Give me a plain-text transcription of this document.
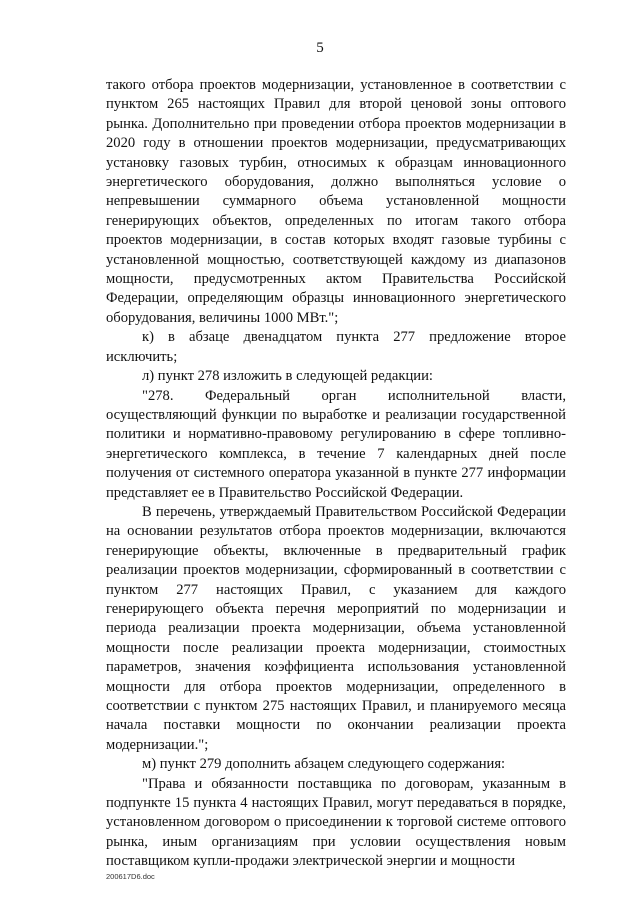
5

такого отбора проектов модернизации, установленное в соответствии с пунктом 265 настоящих Правил для второй ценовой зоны оптового рынка. Дополнительно при проведении отбора проектов модернизации в 2020 году в отношении проектов модернизации, предусматривающих установку газовых турбин, относимых к образцам инновационного энергетического оборудования, должно выполняться условие о непревышении суммарного объема установленной мощности генерирующих объектов, определенных по итогам такого отбора проектов модернизации, в состав которых входят газовые турбины с установленной мощностью, соответствующей каждому из диапазонов мощности, предусмотренных актом Правительства Российской Федерации, определяющим образцы инновационного энергетического оборудования, величины 1000 МВт.";

к) в абзаце двенадцатом пункта 277 предложение второе исключить;

л) пункт 278 изложить в следующей редакции:

"278. Федеральный орган исполнительной власти, осуществляющий функции по выработке и реализации государственной политики и нормативно-правовому регулированию в сфере топливно-энергетического комплекса, в течение 7 календарных дней после получения от системного оператора указанной в пункте 277 информации представляет ее в Правительство Российской Федерации.

В перечень, утверждаемый Правительством Российской Федерации на основании результатов отбора проектов модернизации, включаются генерирующие объекты, включенные в предварительный график реализации проектов модернизации, сформированный в соответствии с пунктом 277 настоящих Правил, с указанием для каждого генерирующего объекта перечня мероприятий по модернизации и периода реализации проекта модернизации, объема установленной мощности после реализации проекта модернизации, стоимостных параметров, значения коэффициента использования установленной мощности для отбора проектов модернизации, определенного в соответствии с пунктом 275 настоящих Правил, и планируемого месяца начала поставки мощности по окончании реализации проекта модернизации.";

м) пункт 279 дополнить абзацем следующего содержания:

"Права и обязанности поставщика по договорам, указанным в подпункте 15 пункта 4 настоящих Правил, могут передаваться в порядке, установленном договором о присоединении к торговой системе оптового рынка, иным организациям при условии осуществления новым поставщиком купли-продажи электрической энергии и мощности

200617D6.doc
